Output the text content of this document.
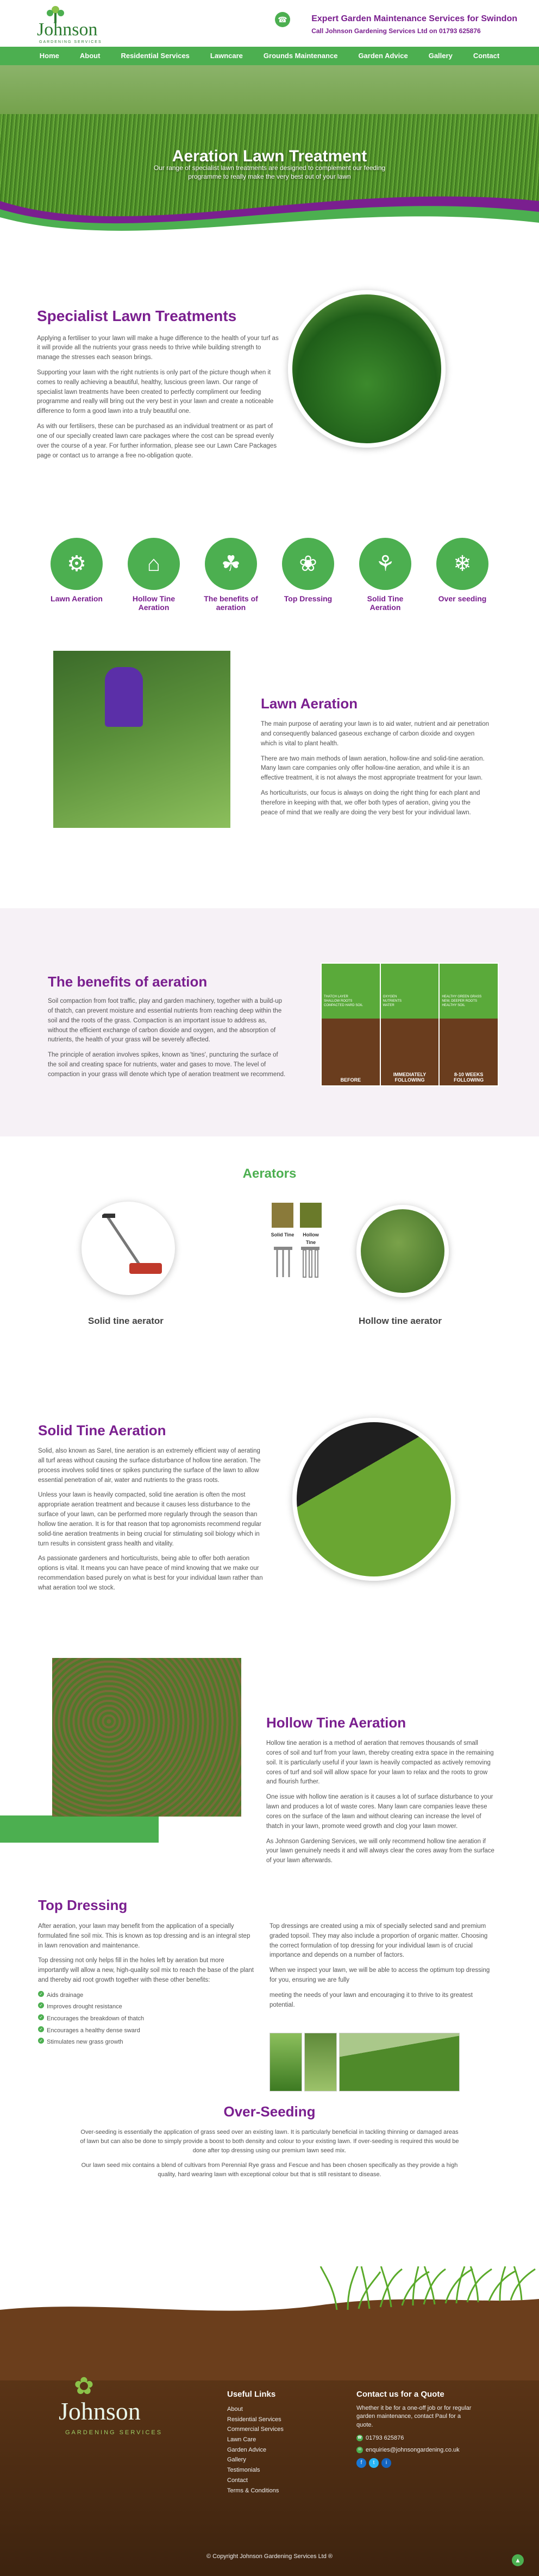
Johnson
GARDENING SERVICES
☎	Expert Garden Maintenance Services for Swindon
Call Johnson Gardening Services Ltd on 01793 625876
Home	About	Residential Services	Lawncare	Grounds Maintenance	Garden Advice	Gallery	Contact
Aeration Lawn Treatment

Our range of specialist lawn treatments are designed to complement our feeding programme to really make the very best out of your lawn

Specialist Lawn Treatments

Applying a fertiliser to your lawn will make a huge difference to the health of your turf as it will provide all the nutrients your grass needs to thrive while building strength to manage the stresses each season brings.

Supporting your lawn with the right nutrients is only part of the picture though when it comes to really achieving a beautiful, healthy, luscious green lawn. Our range of specialist lawn treatments have been created to perfectly compliment our feeding programme and really will bring out the very best in your lawn and create a noticeable difference to form a good lawn into a truly beautiful one.

As with our fertilisers, these can be purchased as an individual treatment or as part of one of our specially created lawn care packages where the cost can be spread evenly over the course of a year. For further information, please see our Lawn Care Packages page or contact us to arrange a free no-obligation quote.

⚙
Lawn Aeration
⌂
Hollow Tine Aeration
☘
The benefits of aeration
❀
Top Dressing
⚘
Solid Tine Aeration
❄
Over seeding
Lawn Aeration

The main purpose of aerating your lawn is to aid water, nutrient and air penetration and consequently balanced gaseous exchange of carbon dioxide and oxygen which is vital to plant health.

There are two main methods of lawn aeration, hollow-tine and solid-tine aeration. Many lawn care companies only offer hollow-tine aeration, and while it is an effective treatment, it is not always the most appropriate treatment for your lawn.

As horticulturists, our focus is always on doing the right thing for each plant and therefore in keeping with that, we offer both types of aeration, giving you the peace of mind that we really are doing the very best for your individual lawn.

The benefits of aeration

Soil compaction from foot traffic, play and garden machinery, together with a build-up of thatch, can prevent moisture and essential nutrients from reaching deep within the soil and the roots of the grass. Compaction is an important issue to address as, without the efficient exchange of carbon dioxide and oxygen, and the absorption of nutrients, the health of your grass will be severely affected.

The principle of aeration involves spikes, known as 'tines', puncturing the surface of the soil and creating space for nutrients, water and gases to move. The level of compaction in your grass will denote which type of aeration treatment we recommend.

THATCH LAYER
SHALLOW ROOTS
COMPACTED HARD SOIL
BEFORE
OXYGEN
NUTRIENTS
WATER
IMMEDIATELY FOLLOWING
HEALTHY GREEN GRASS
NEW, DEEPER ROOTS
HEALTHY SOIL
8-10 WEEKS FOLLOWING
Aerators
Solid Tine	Hollow Tine
Solid tine aerator	Hollow tine aerator
Solid Tine Aeration

Solid, also known as Sarel, tine aeration is an extremely efficient way of aerating all turf areas without causing the surface disturbance of hollow tine aeration. The process involves solid tines or spikes puncturing the surface of the lawn to allow essential penetration of air, water and nutrients to the grass roots.

Unless your lawn is heavily compacted, solid tine aeration is often the most appropriate aeration treatment and because it causes less disturbance to the surface of your lawn, can be performed more regularly through the season than hollow tine aeration. It is for that reason that top agronomists recommend regular solid-tine aeration treatments in being crucial for stimulating soil biology which in turn results in consistent grass health and vitality.

As passionate gardeners and horticulturists, being able to offer both aeration options is vital. It means you can have peace of mind knowing that we make our recommendation based purely on what is best for your individual lawn rather than what aeration tool we stock.

Hollow Tine Aeration

Hollow tine aeration is a method of aeration that removes thousands of small cores of soil and turf from your lawn, thereby creating extra space in the remaining soil. It is particularly useful if your lawn is heavily compacted as actively removing cores of turf and soil will allow space for your lawn to relax and the roots to grow and flourish further.

One issue with hollow tine aeration is it causes a lot of surface disturbance to your lawn and produces a lot of waste cores. Many lawn care companies leave these cores on the surface of the lawn and without clearing can increase the level of thatch in your lawn, promote weed growth and clog your lawn mower.

As Johnson Gardening Services, we will only recommend hollow tine aeration if your lawn genuinely needs it and will always clear the cores away from the surface of your lawn afterwards.

Top Dressing

After aeration, your lawn may benefit from the application of a specially formulated fine soil mix. This is known as top dressing and is an integral step in lawn renovation and maintenance.

Top dressing not only helps fill in the holes left by aeration but more importantly will allow a new, high-quality soil mix to reach the base of the plant and thereby aid root growth together with these other benefits:

✓ Aids drainage
✓ Improves drought resistance
✓ Encourages the breakdown of thatch
✓ Encourages a healthy dense sward
✓ Stimulates new grass growth

Top dressings are created using a mix of specially selected sand and premium graded topsoil. They may also include a proportion of organic matter. Choosing the correct formulation of top dressing for your individual lawn is of crucial importance and depends on a number of factors.

When we inspect your lawn, we will be able to access the optimum top dressing for you, ensuring we are fully

meeting the needs of your lawn and encouraging it to thrive to its greatest potential.

Over-Seeding

Over-seeding is essentially the application of grass seed over an existing lawn. It is particularly beneficial in tackling thinning or damaged areas of lawn but can also be done to simply provide a boost to both density and colour to your existing lawn. If over-seeding is required this would be done after top dressing using our premium lawn seed mix.

Our lawn seed mix contains a blend of cultivars from Perennial Rye grass and Fescue and has been chosen specifically as they provide a high quality, hard wearing lawn with exceptional colour but that is still resistant to disease.

✿
Johnson
GARDENING SERVICES
Useful Links
About
Residential Services
Commercial Services
Lawn Care
Garden Advice
Gallery
Testimonials
Contact
Terms & Conditions
Contact us for a Quote

Whether it be for a one-off job or for regular garden maintenance, contact Paul for a quote.

☎ 01793 625876
✉ enquiries@johnsongardening.co.uk
f	t	i
© Copyright Johnson Gardening Services Ltd ®	▲
